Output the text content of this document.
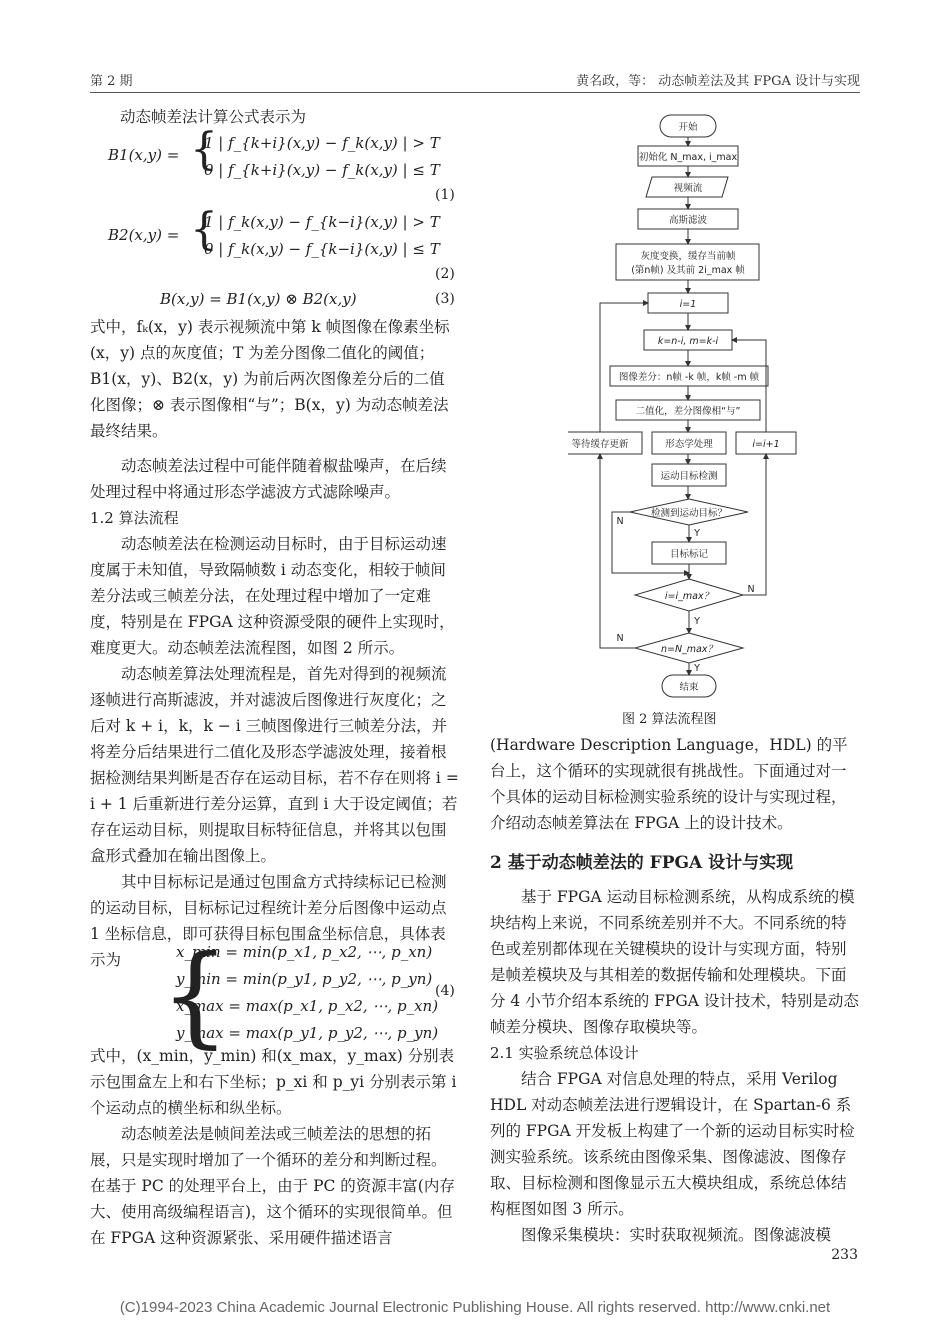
第 2 期	黄名政，等： 动态帧差法及其 FPGA 设计与实现
动态帧差法计算公式表示为
B1(x,y) = {
1 | f_{k+i}(x,y) − f_k(x,y) | > T
0 | f_{k+i}(x,y) − f_k(x,y) | ≤ T
(1)
B2(x,y) = {
1 | f_k(x,y) − f_{k−i}(x,y) | > T
0 | f_k(x,y) − f_{k−i}(x,y) | ≤ T
(2)
B(x,y) = B1(x,y) ⊗ B2(x,y)	(3)

式中，fₖ(x，y) 表示视频流中第 k 帧图像在像素坐标(x，y) 点的灰度值；T 为差分图像二值化的阈值；B1(x，y)、B2(x，y) 为前后两次图像差分后的二值化图像；⊗ 表示图像相“与”；B(x，y) 为动态帧差法最终结果。

动态帧差法过程中可能伴随着椒盐噪声，在后续处理过程中将通过形态学滤波方式滤除噪声。

1.2 算法流程

动态帧差法在检测运动目标时，由于目标运动速度属于未知值，导致隔帧数 i 动态变化，相较于帧间差分法或三帧差分法，在处理过程中增加了一定难度，特别是在 FPGA 这种资源受限的硬件上实现时，难度更大。动态帧差法流程图，如图 2 所示。

动态帧差算法处理流程是，首先对得到的视频流逐帧进行高斯滤波，并对滤波后图像进行灰度化；之后对 k + i，k，k − i 三帧图像进行三帧差分法，并将差分后结果进行二值化及形态学滤波处理，接着根据检测结果判断是否存在运动目标，若不存在则将 i = i + 1 后重新进行差分运算，直到 i 大于设定阈值；若存在运动目标，则提取目标特征信息，并将其以包围盒形式叠加在输出图像上。

其中目标标记是通过包围盒方式持续标记已检测的运动目标，目标标记过程统计差分后图像中运动点 1 坐标信息，即可获得目标包围盒坐标信息，具体表示为 {
x_min = min(p_x1, p_x2, ⋯, p_xn)
y_min = min(p_y1, p_y2, ⋯, p_yn)
x_max = max(p_x1, p_x2, ⋯, p_xn)
y_max = max(p_y1, p_y2, ⋯, p_yn)
(4)

式中，(x_min，y_min) 和(x_max，y_max) 分别表示包围盒左上和右下坐标；p_xi 和 p_yi 分别表示第 i 个运动点的横坐标和纵坐标。

动态帧差法是帧间差法或三帧差法的思想的拓展，只是实现时增加了一个循环的差分和判断过程。在基于 PC 的处理平台上，由于 PC 的资源丰富(内存大、使用高级编程语言)，这个循环的实现很简单。但在 FPGA 这种资源紧张、采用硬件描述语言

开始
初始化 N_max, i_max
视频流
高斯滤波
灰度变换，缓存当前帧
(第n帧) 及其前 2i_max 帧
i=1
k=n-i, m=k-i
图像差分：n帧 -k 帧，k帧 -m 帧
二值化，差分图像相“与”
等待缓存更新	形态学处理	i=i+1
运动目标检测
检测到运动目标？
目标标记
i=i_max？
n=N_max？
结束
N
Y
N
Y
N
Y
图 2 算法流程图

(Hardware Description Language，HDL) 的平台上，这个循环的实现就很有挑战性。下面通过对一个具体的运动目标检测实验系统的设计与实现过程，介绍动态帧差算法在 FPGA 上的设计技术。

2 基于动态帧差法的 FPGA 设计与实现

基于 FPGA 运动目标检测系统，从构成系统的模块结构上来说，不同系统差别并不大。不同系统的特色或差别都体现在关键模块的设计与实现方面，特别是帧差模块及与其相差的数据传输和处理模块。下面分 4 小节介绍本系统的 FPGA 设计技术，特别是动态帧差分模块、图像存取模块等。

2.1 实验系统总体设计

结合 FPGA 对信息处理的特点，采用 Verilog HDL 对动态帧差法进行逻辑设计，在 Spartan-6 系列的 FPGA 开发板上构建了一个新的运动目标实时检测实验系统。该系统由图像采集、图像滤波、图像存取、目标检测和图像显示五大模块组成，系统总体结构框图如图 3 所示。

图像采集模块：实时获取视频流。图像滤波模

233
(C)1994-2023 China Academic Journal Electronic Publishing House. All rights reserved. http://www.cnki.net
